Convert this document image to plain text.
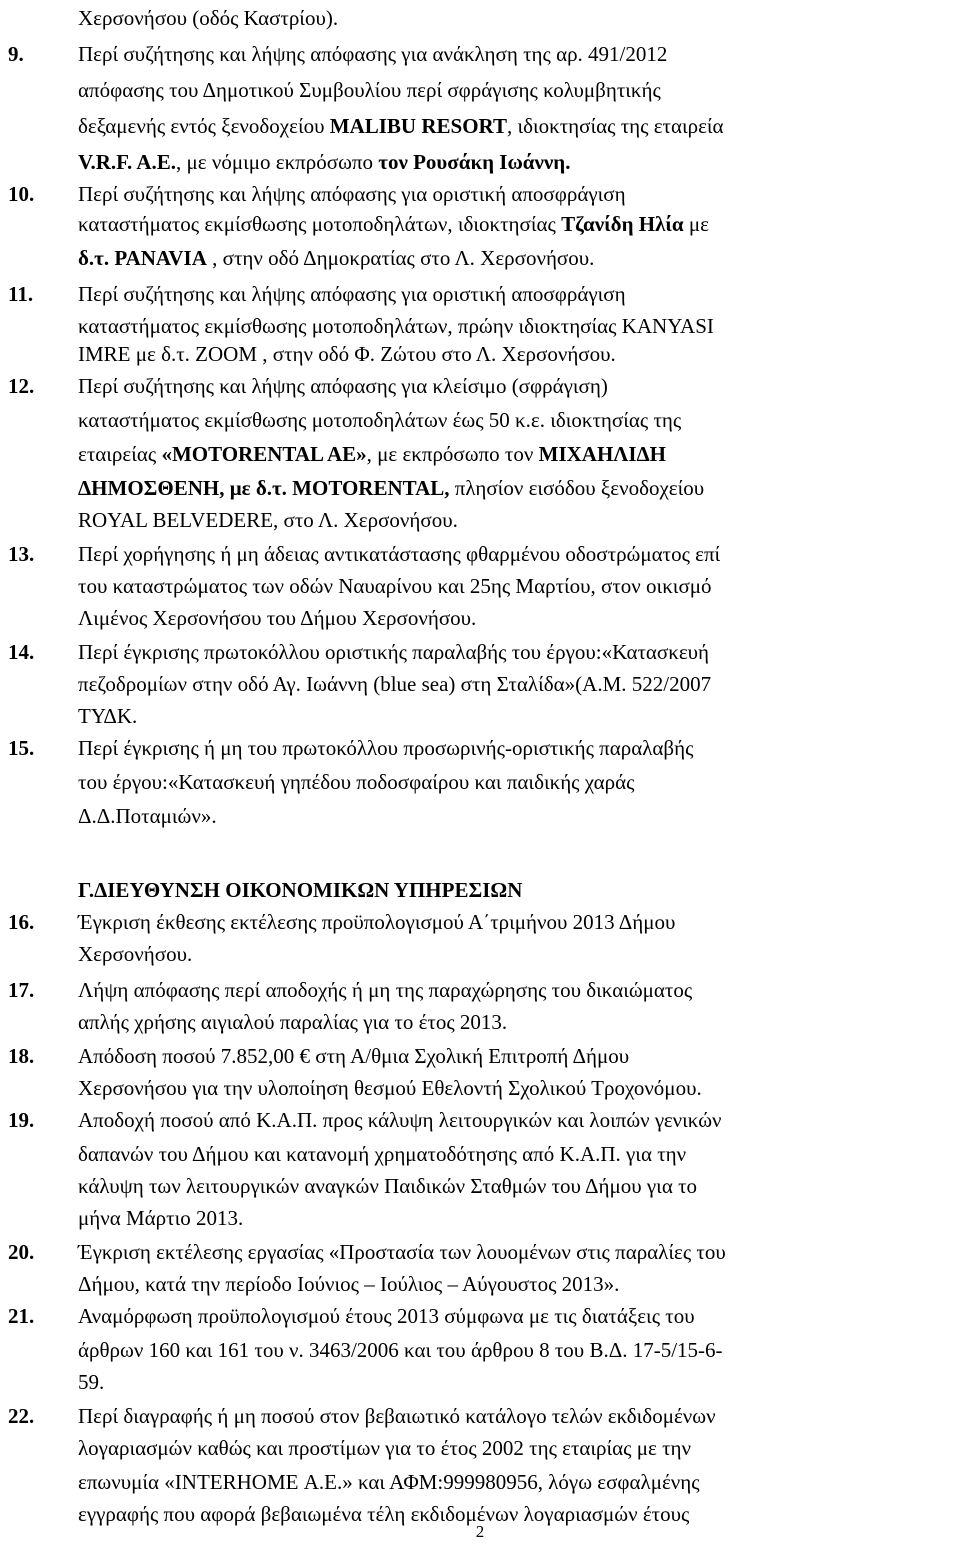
Χερσονήσου (οδός Καστρίου).
9.	Περί συζήτησης και λήψης απόφασης για ανάκληση της αρ. 491/2012
απόφασης του Δημοτικού Συμβουλίου περί σφράγισης κολυμβητικής
δεξαμενής εντός ξενοδοχείου MALIBU RESORT, ιδιοκτησίας της εταιρεία
V.R.F. A.E., με νόμιμο εκπρόσωπο τον Ρουσάκη Ιωάννη.
10. Περί συζήτησης και λήψης απόφασης για οριστική αποσφράγιση
καταστήματος εκμίσθωσης μοτοποδηλάτων, ιδιοκτησίας Τζανίδη Ηλία με
δ.τ. PANAVIA , στην οδό Δημοκρατίας στο Λ. Χερσονήσου.
11. Περί συζήτησης και λήψης απόφασης για οριστική αποσφράγιση
καταστήματος εκμίσθωσης μοτοποδηλάτων, πρώην ιδιοκτησίας KANYASI
IMRE με δ.τ. ZOOM , στην οδό Φ. Ζώτου στο Λ. Χερσονήσου.
12. Περί συζήτησης και λήψης απόφασης για κλείσιμο (σφράγιση)
καταστήματος εκμίσθωσης μοτοποδηλάτων έως 50 κ.ε. ιδιοκτησίας της
εταιρείας «MOTORENTAL AE», με εκπρόσωπο τον ΜΙΧΑΗΛΙΔΗ
ΔΗΜΟΣΘΕΝΗ, με δ.τ. MOTORENTAL, πλησίον εισόδου ξενοδοχείου
ROYAL BELVEDERE, στο Λ. Χερσονήσου.
13. Περί χορήγησης ή μη άδειας αντικατάστασης φθαρμένου οδοστρώματος επί
του καταστρώματος των οδών Ναυαρίνου και 25ης Μαρτίου, στον οικισμό
Λιμένος Χερσονήσου του Δήμου Χερσονήσου.
14. Περί έγκρισης πρωτοκόλλου οριστικής παραλαβής του έργου:«Κατασκευή
πεζοδρομίων στην οδό Αγ. Ιωάννη (blue sea) στη Σταλίδα»(Α.Μ. 522/2007
ΤΥΔΚ.
15. Περί έγκρισης ή μη του πρωτοκόλλου προσωρινής-οριστικής παραλαβής
του έργου:«Κατασκευή γηπέδου ποδοσφαίρου και παιδικής χαράς
Δ.Δ.Ποταμιών».
Γ.ΔΙΕΥΘΥΝΣΗ ΟΙΚΟΝΟΜΙΚΩΝ ΥΠΗΡΕΣΙΩΝ
16. Έγκριση έκθεσης εκτέλεσης προϋπολογισμού Α΄τριμήνου 2013 Δήμου
Χερσονήσου.
17. Λήψη απόφασης περί αποδοχής ή μη της παραχώρησης του δικαιώματος
απλής χρήσης αιγιαλού παραλίας για το έτος 2013.
18. Απόδοση ποσού 7.852,00 € στη Α/θμια Σχολική Επιτροπή Δήμου
Χερσονήσου για την υλοποίηση θεσμού Εθελοντή Σχολικού Τροχονόμου.
19. Αποδοχή ποσού από Κ.Α.Π. προς κάλυψη λειτουργικών και λοιπών γενικών
δαπανών του Δήμου και κατανομή χρηματοδότησης από Κ.Α.Π. για την
κάλυψη των λειτουργικών αναγκών Παιδικών Σταθμών του Δήμου για το
μήνα Μάρτιο 2013.
20. Έγκριση εκτέλεσης εργασίας «Προστασία των λουομένων στις παραλίες του
Δήμου, κατά την περίοδο Ιούνιος – Ιούλιος – Αύγουστος 2013».
21. Αναμόρφωση προϋπολογισμού έτους 2013 σύμφωνα με τις διατάξεις του
άρθρων 160 και 161 του ν. 3463/2006 και του άρθρου 8 του Β.Δ. 17-5/15-6-
59.
22. Περί διαγραφής ή μη ποσού στον βεβαιωτικό κατάλογο τελών εκδιδομένων
λογαριασμών καθώς και προστίμων για το έτος 2002 της εταιρίας με την
επωνυμία «INTERHOME Α.Ε.» και ΑΦΜ:999980956, λόγω εσφαλμένης
εγγραφής που αφορά βεβαιωμένα τέλη εκδιδομένων λογαριασμών έτους
2
